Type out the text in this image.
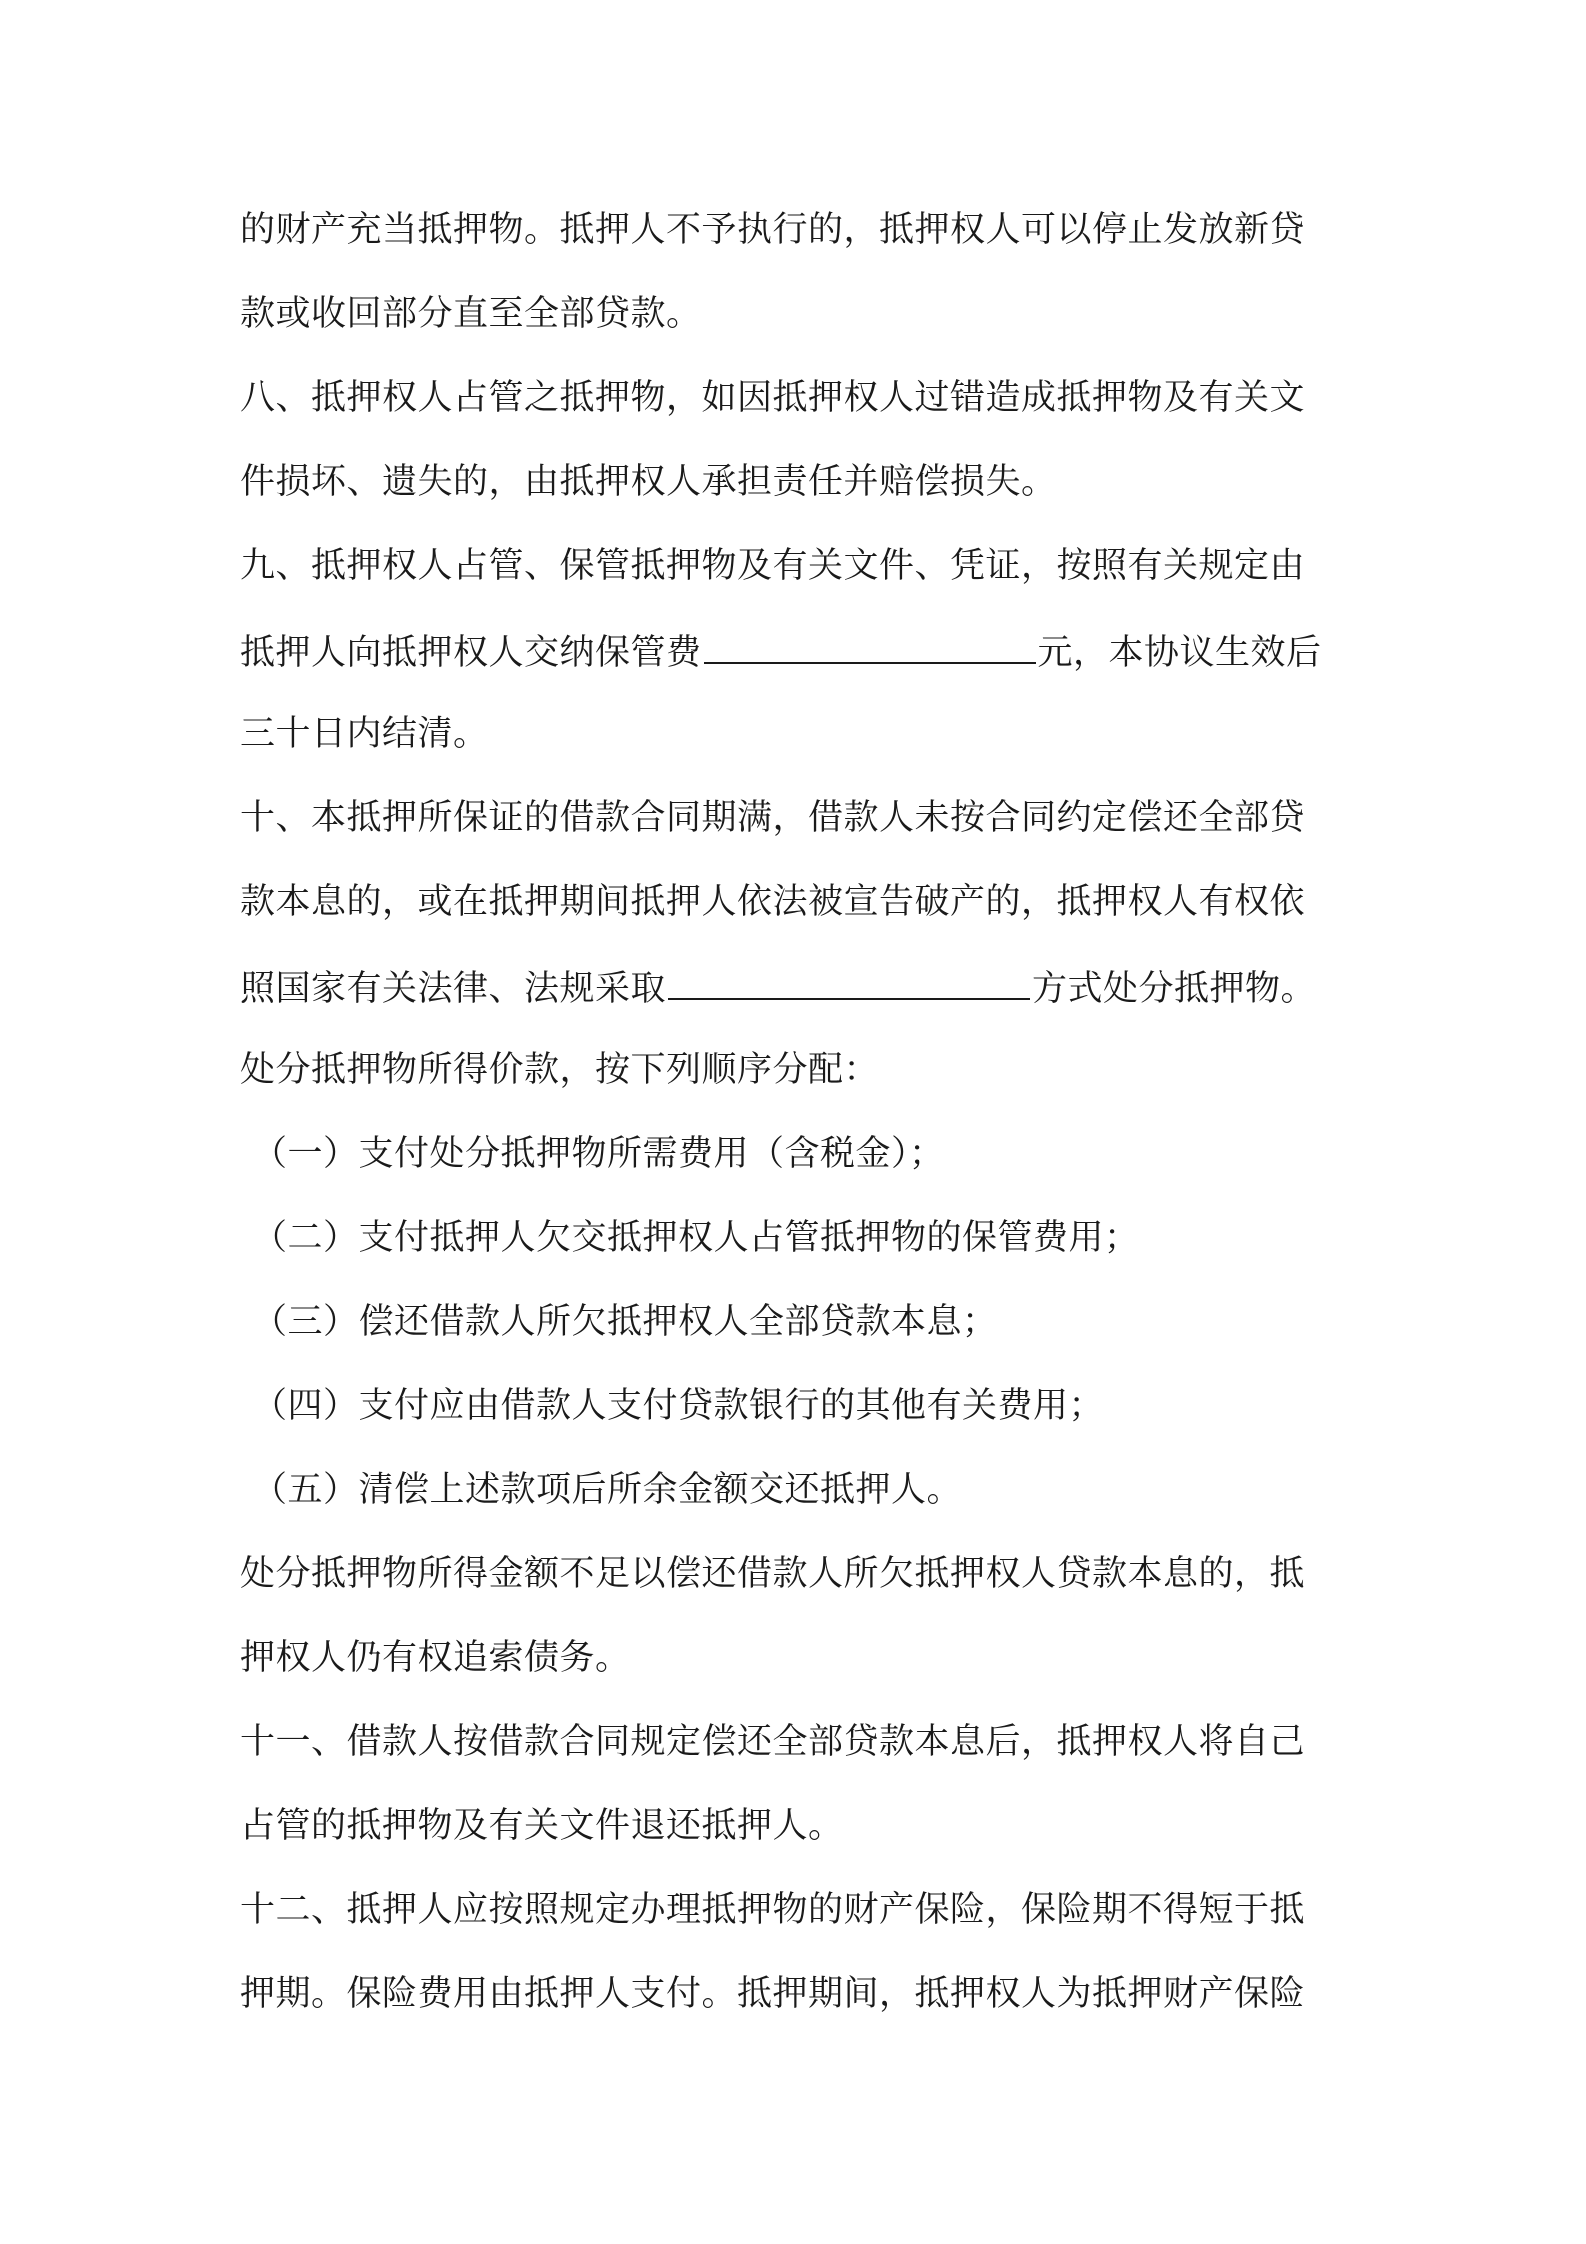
的财产充当抵押物。抵押人不予执行的，抵押权人可以停止发放新贷

款或收回部分直至全部贷款。

八、抵押权人占管之抵押物，如因抵押权人过错造成抵押物及有关文

件损坏、遗失的，由抵押权人承担责任并赔偿损失。

九、抵押权人占管、保管抵押物及有关文件、凭证，按照有关规定由

抵押人向抵押权人交纳保管费	元，本协议生效后

三十日内结清。

十、本抵押所保证的借款合同期满，借款人未按合同约定偿还全部贷

款本息的，或在抵押期间抵押人依法被宣告破产的，抵押权人有权依

照国家有关法律、法规采取	方式处分抵押物。

处分抵押物所得价款，按下列顺序分配：

（一）支付处分抵押物所需费用（含税金）；

（二）支付抵押人欠交抵押权人占管抵押物的保管费用；

（三）偿还借款人所欠抵押权人全部贷款本息；

（四）支付应由借款人支付贷款银行的其他有关费用；

（五）清偿上述款项后所余金额交还抵押人。

处分抵押物所得金额不足以偿还借款人所欠抵押权人贷款本息的，抵

押权人仍有权追索债务。

十一、借款人按借款合同规定偿还全部贷款本息后，抵押权人将自己

占管的抵押物及有关文件退还抵押人。

十二、抵押人应按照规定办理抵押物的财产保险，保险期不得短于抵

押期。保险费用由抵押人支付。抵押期间，抵押权人为抵押财产保险
